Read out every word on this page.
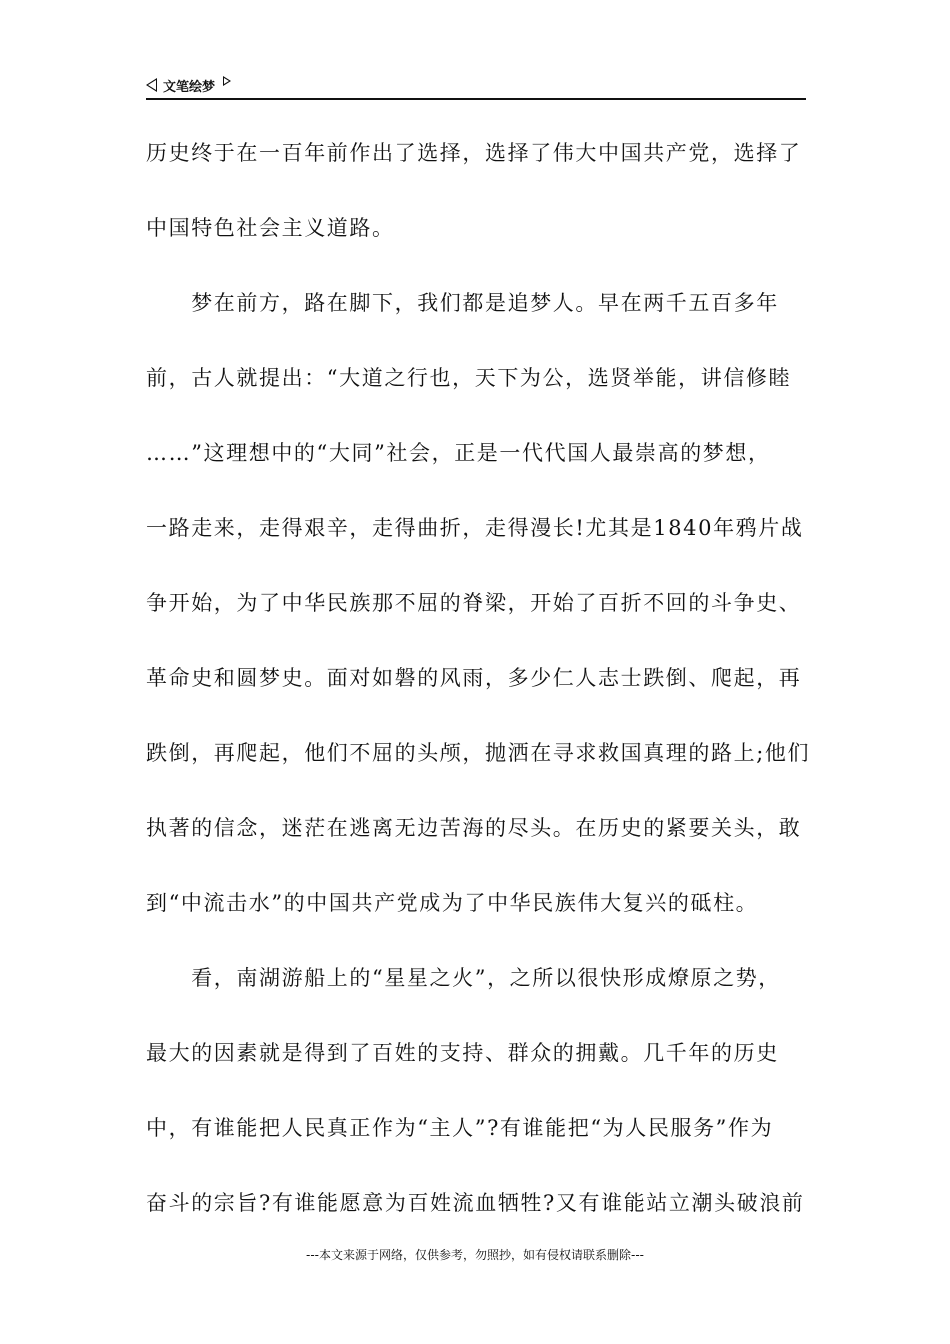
文笔绘梦
历史终于在一百年前作出了选择，选择了伟大中国共产党，选择了
中国特色社会主义道路。
　　梦在前方，路在脚下，我们都是追梦人。早在两千五百多年
前，古人就提出：“大道之行也，天下为公，选贤举能，讲信修睦
……”这理想中的“大同”社会，正是一代代国人最崇高的梦想，
一路走来，走得艰辛，走得曲折，走得漫长!尤其是1840年鸦片战
争开始，为了中华民族那不屈的脊梁，开始了百折不回的斗争史、
革命史和圆梦史。面对如磐的风雨，多少仁人志士跌倒、爬起，再
跌倒，再爬起，他们不屈的头颅，抛洒在寻求救国真理的路上;他们
执著的信念，迷茫在逃离无边苦海的尽头。在历史的紧要关头，敢
到“中流击水”的中国共产党成为了中华民族伟大复兴的砥柱。
　　看，南湖游船上的“星星之火”，之所以很快形成燎原之势，
最大的因素就是得到了百姓的支持、群众的拥戴。几千年的历史
中，有谁能把人民真正作为“主人”?有谁能把“为人民服务”作为
奋斗的宗旨?有谁能愿意为百姓流血牺牲?又有谁能站立潮头破浪前
---本文来源于网络，仅供参考，勿照抄，如有侵权请联系删除---
